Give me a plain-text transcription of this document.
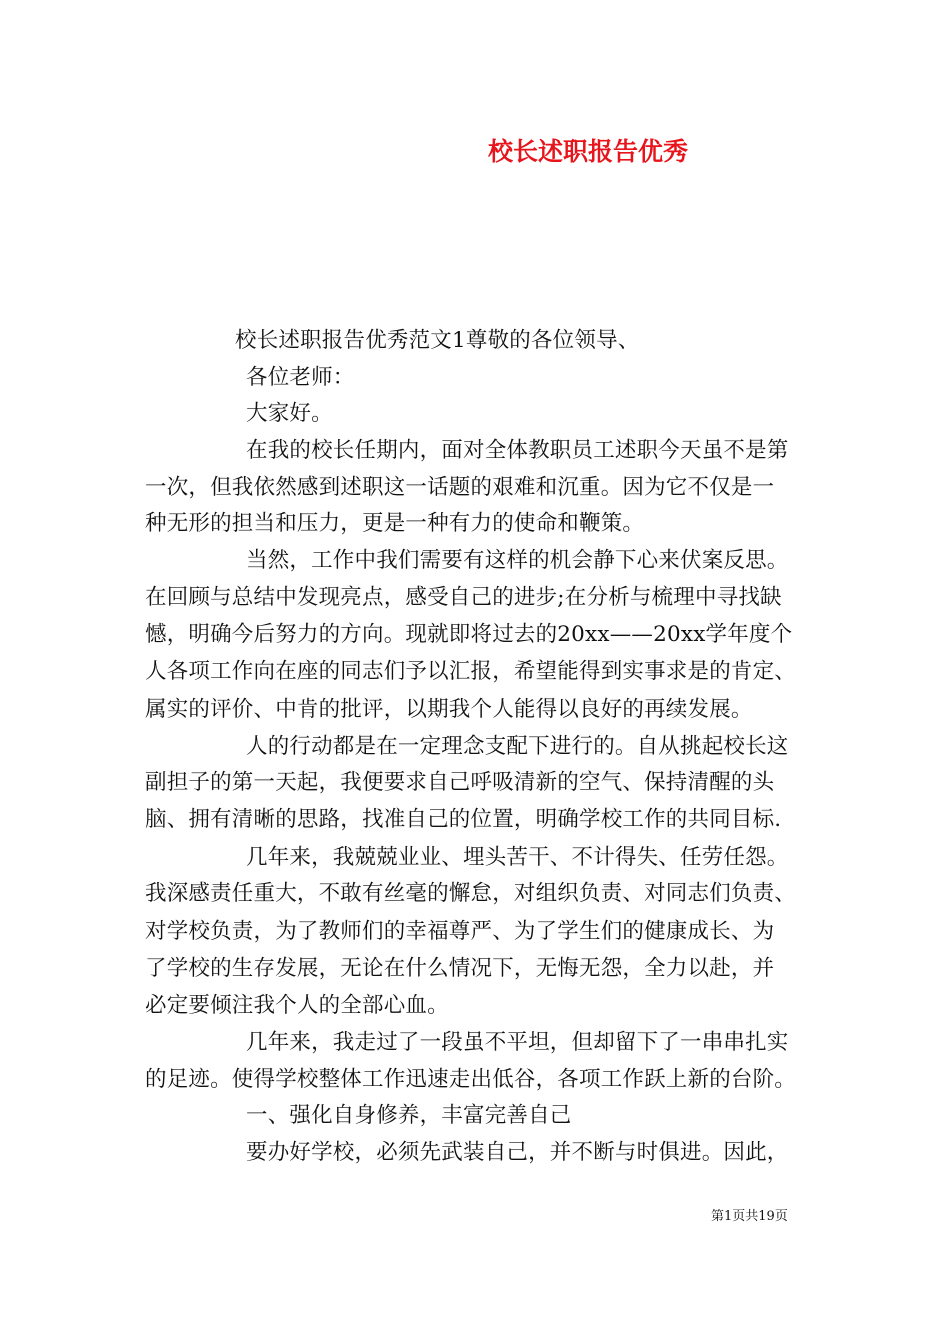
校长述职报告优秀
校长述职报告优秀范文1尊敬的各位领导、
各位老师：
大家好。
在我的校长任期内，面对全体教职员工述职今天虽不是第
一次，但我依然感到述职这一话题的艰难和沉重。因为它不仅是一
种无形的担当和压力，更是一种有力的使命和鞭策。
当然，工作中我们需要有这样的机会静下心来伏案反思。
在回顾与总结中发现亮点，感受自己的进步;在分析与梳理中寻找缺
憾，明确今后努力的方向。现就即将过去的20xx——20xx学年度个
人各项工作向在座的同志们予以汇报，希望能得到实事求是的肯定、
属实的评价、中肯的批评，以期我个人能得以良好的再续发展。
人的行动都是在一定理念支配下进行的。自从挑起校长这
副担子的第一天起，我便要求自己呼吸清新的空气、保持清醒的头
脑、拥有清晰的思路，找准自己的位置，明确学校工作的共同目标.
几年来，我兢兢业业、埋头苦干、不计得失、任劳任怨。
我深感责任重大，不敢有丝毫的懈怠，对组织负责、对同志们负责、
对学校负责，为了教师们的幸福尊严、为了学生们的健康成长、为
了学校的生存发展，无论在什么情况下，无悔无怨，全力以赴，并
必定要倾注我个人的全部心血。
几年来，我走过了一段虽不平坦，但却留下了一串串扎实
的足迹。使得学校整体工作迅速走出低谷，各项工作跃上新的台阶。
一、强化自身修养，丰富完善自己
要办好学校，必须先武装自己，并不断与时俱进。因此，
第1页共19页
